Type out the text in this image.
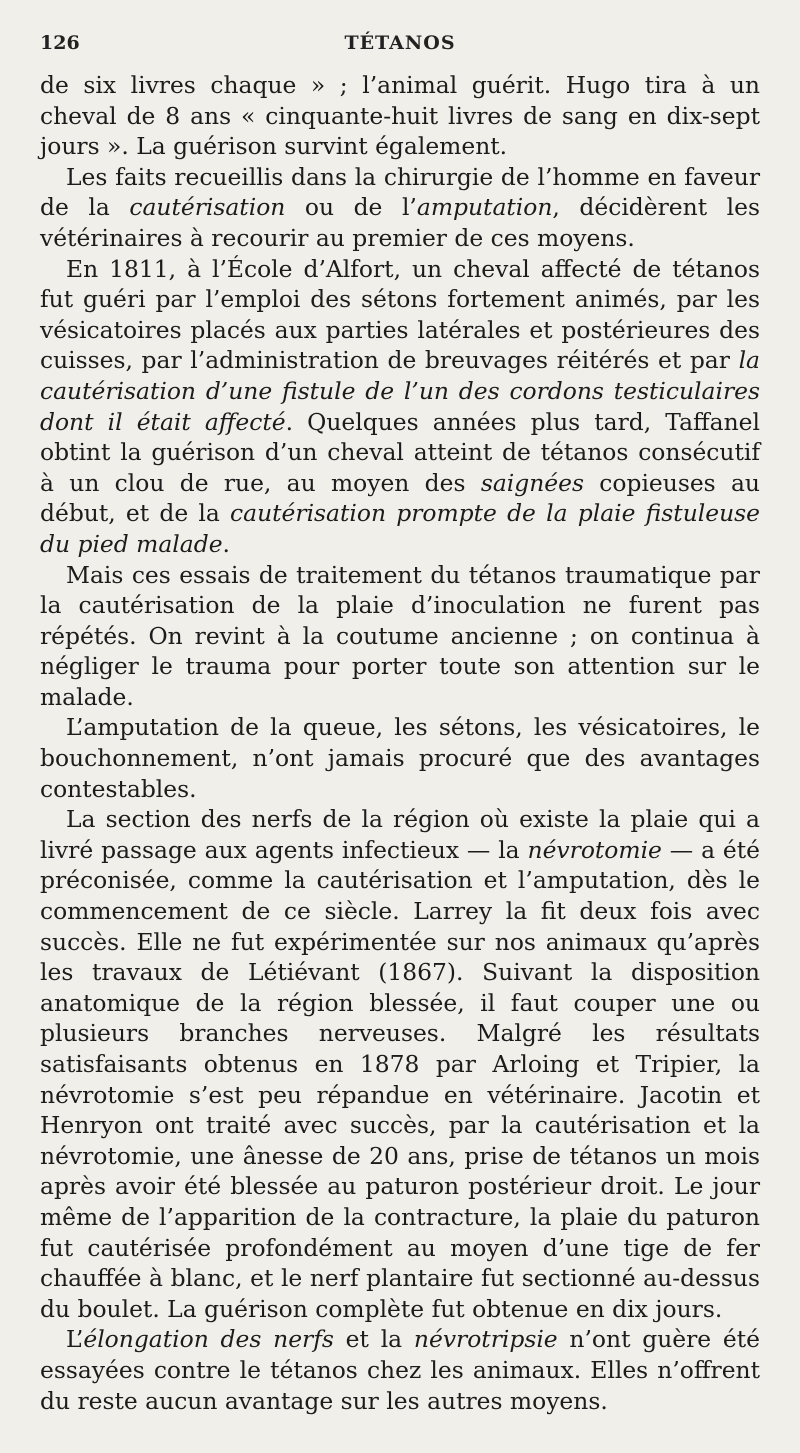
126	TÉTANOS

de six livres chaque » ; l’animal guérit. Hugo tira à un cheval de 8 ans « cinquante-huit livres de sang en dix-sept jours ». La guérison survint également.

Les faits recueillis dans la chirurgie de l’homme en faveur de la cautérisation ou de l’amputation, décidèrent les vétérinaires à recourir au premier de ces moyens.

En 1811, à l’École d’Alfort, un cheval affecté de tétanos fut guéri par l’emploi des sétons fortement animés, par les vésicatoires placés aux parties latérales et postérieures des cuisses, par l’administration de breuvages réitérés et par la cautérisation d’une fistule de l’un des cordons testiculaires dont il était affecté. Quelques années plus tard, Taffanel obtint la guérison d’un cheval atteint de tétanos consécutif à un clou de rue, au moyen des saignées copieuses au début, et de la cautérisation prompte de la plaie fistuleuse du pied malade.

Mais ces essais de traitement du tétanos traumatique par la cautérisation de la plaie d’inoculation ne furent pas répétés. On revint à la coutume ancienne ; on continua à négliger le trauma pour porter toute son attention sur le malade.

L’amputation de la queue, les sétons, les vésicatoires, le bouchonnement, n’ont jamais procuré que des avantages contestables.

La section des nerfs de la région où existe la plaie qui a livré passage aux agents infectieux — la névrotomie — a été préconisée, comme la cautérisation et l’amputation, dès le commencement de ce siècle. Larrey la fit deux fois avec succès. Elle ne fut expérimentée sur nos animaux qu’après les travaux de Létiévant (1867). Suivant la disposition anatomique de la région blessée, il faut couper une ou plusieurs branches nerveuses. Malgré les résultats satisfaisants obtenus en 1878 par Arloing et Tripier, la névrotomie s’est peu répandue en vétérinaire. Jacotin et Henryon ont traité avec succès, par la cautérisation et la névrotomie, une ânesse de 20 ans, prise de tétanos un mois après avoir été blessée au paturon postérieur droit. Le jour même de l’apparition de la contracture, la plaie du paturon fut cautérisée profondément au moyen d’une tige de fer chauffée à blanc, et le nerf plantaire fut sectionné au-dessus du boulet. La guérison complète fut obtenue en dix jours.

L’élongation des nerfs et la névrotripsie n’ont guère été essayées contre le tétanos chez les animaux. Elles n’offrent du reste aucun avantage sur les autres moyens.
